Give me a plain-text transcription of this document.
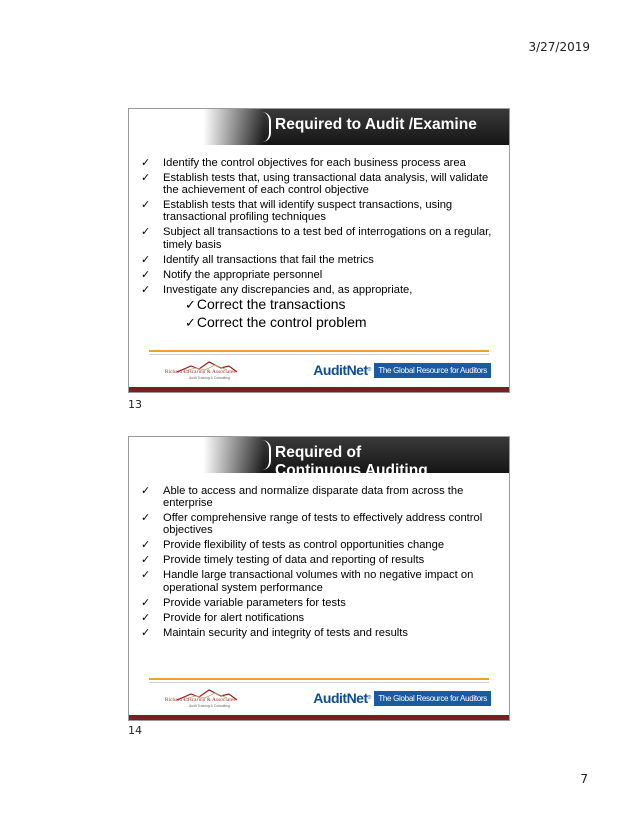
3/27/2019
Required to Audit /Examine
✓ Identify the control objectives for each business process area
✓ Establish tests that, using transactional data analysis, will validate the achievement of each control objective
✓ Establish tests that will identify suspect transactions, using transactional profiling techniques
✓ Subject all transactions to a test bed of interrogations on a regular, timely basis
✓ Identify all transactions that fail the metrics
✓ Notify the appropriate personnel
✓ Investigate any discrepancies and, as appropriate,
✓Correct the transactions
✓Correct the control problem
Richard Cascarino & Associates
Audit Training & Consulting	AuditNet ® The Global Resource for Auditors
13
Required of Continuous Auditing
✓ Able to access and normalize disparate data from across the enterprise
✓ Offer comprehensive range of tests to effectively address control objectives
✓ Provide flexibility of tests as control opportunities change
✓ Provide timely testing of data and reporting of results
✓ Handle large transactional volumes with no negative impact on operational system performance
✓ Provide variable parameters for tests
✓ Provide for alert notifications
✓ Maintain security and integrity of tests and results
Richard Cascarino & Associates
Audit Training & Consulting	AuditNet ® The Global Resource for Auditors
14
7
